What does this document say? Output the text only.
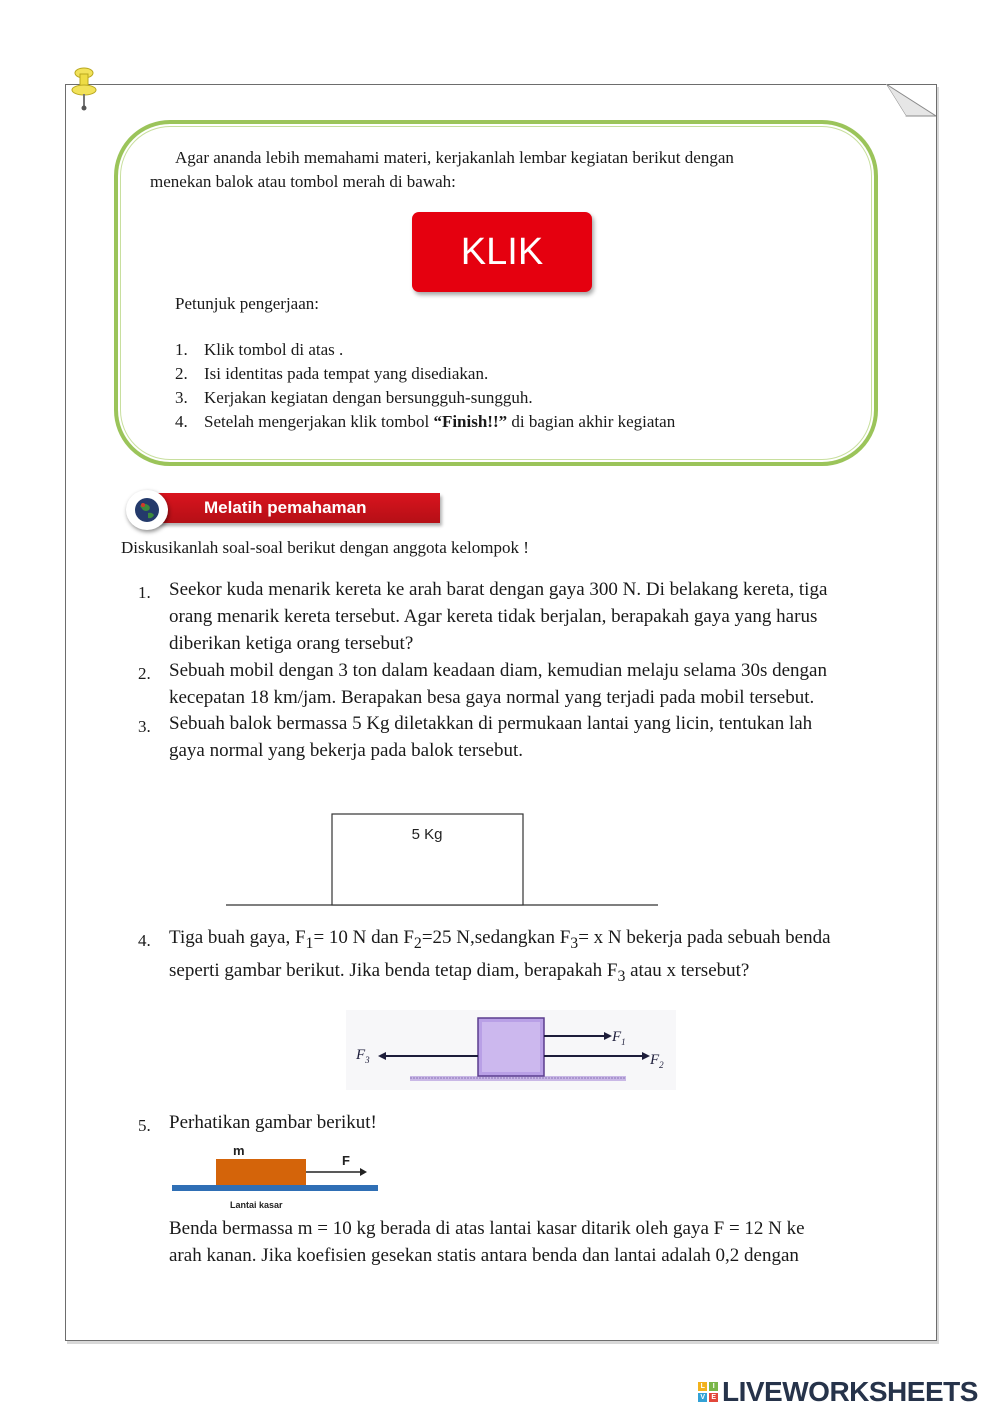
Agar ananda lebih memahami materi, kerjakanlah lembar kegiatan berikut dengan
menekan balok atau tombol merah di bawah:
KLIK
Petunjuk pengerjaan:
1. Klik tombol di atas .
2. Isi identitas pada tempat yang disediakan.
3. Kerjakan kegiatan dengan bersungguh-sungguh.
4. Setelah mengerjakan klik tombol “Finish!!” di bagian akhir kegiatan
Melatih pemahaman
Diskusikanlah soal-soal berikut dengan anggota kelompok !
1. Seekor kuda menarik kereta ke arah barat dengan gaya 300 N. Di belakang kereta, tiga
orang menarik kereta tersebut. Agar kereta tidak berjalan, berapakah gaya yang harus
diberikan ketiga orang tersebut?
2. Sebuah mobil dengan 3 ton dalam keadaan diam, kemudian melaju selama 30s dengan
kecepatan 18 km/jam. Berapakan besa gaya normal yang terjadi pada mobil tersebut.
3. Sebuah balok bermassa 5 Kg diletakkan di permukaan lantai yang licin, tentukan lah
gaya normal yang bekerja pada balok tersebut.
5 Kg
4. Tiga buah gaya, $F_1= 10$ N dan $F_2=25$ N,sedangkan $F_3= x$ N bekerja pada sebuah benda
seperti gambar berikut. Jika benda tetap diam, berapakah $F_3$ atau x tersebut?
$F_1$
$F_2$
$F_3$
5. Perhatikan gambar berikut!
m
F
Lantai kasar
Benda bermassa m = 10 kg berada di atas lantai kasar ditarik oleh gaya F = 12 N ke
arah kanan. Jika koefisien gesekan statis antara benda dan lantai adalah 0,2 dengan
L	I
V E LIVEWORKSHEETS
